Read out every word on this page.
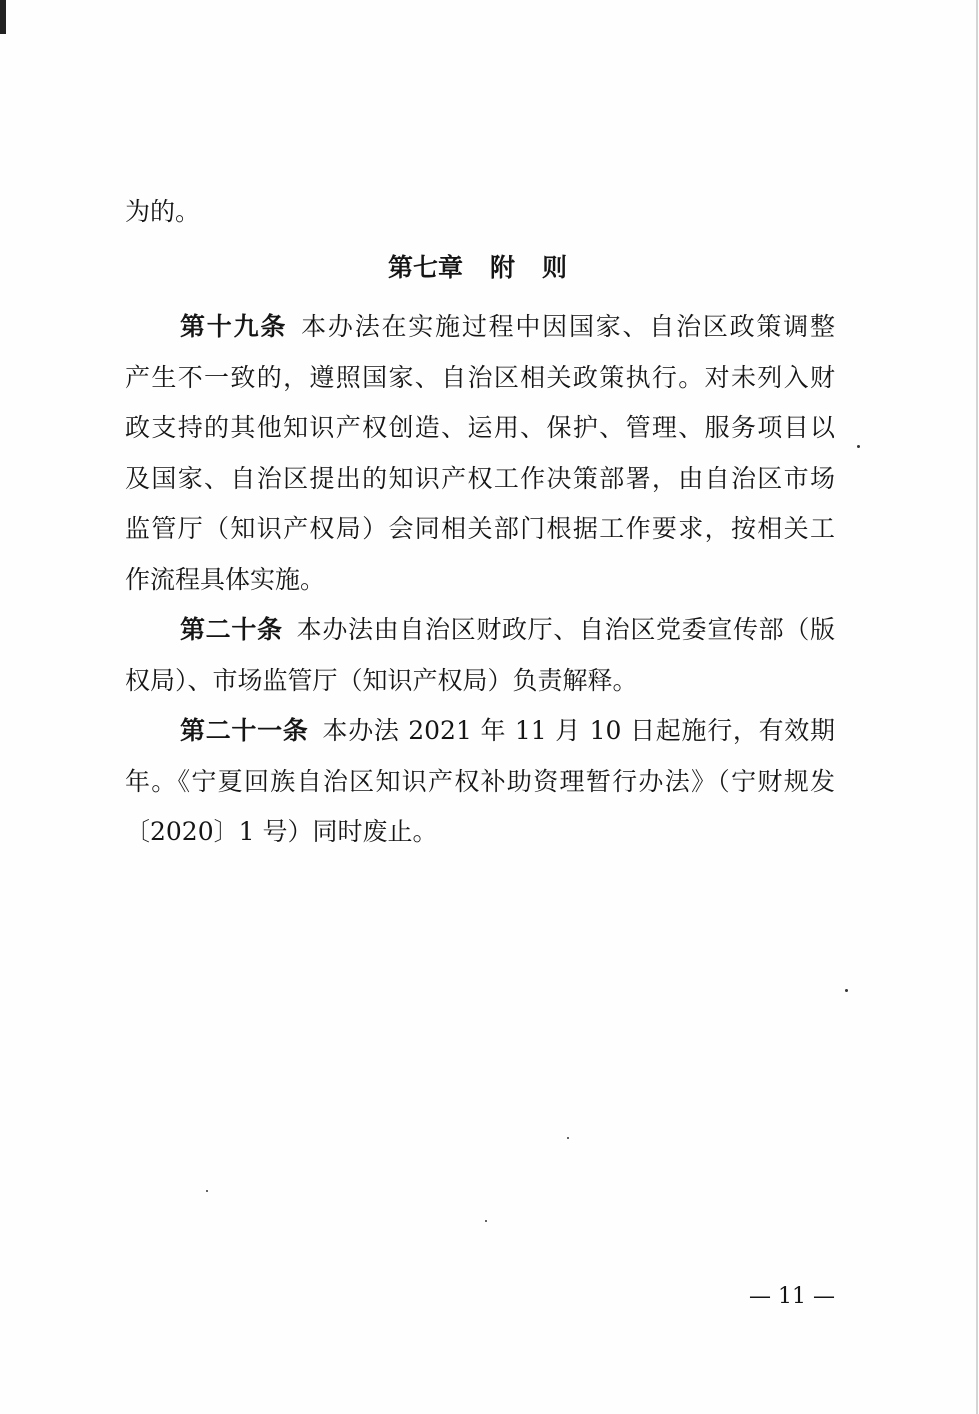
为的。
第七章 附 则
第十九条 本办法在实施过程中因国家、自治区政策调整
产生不一致的，遵照国家、自治区相关政策执行。对未列入财
政支持的其他知识产权创造、运用、保护、管理、服务项目以
及国家、自治区提出的知识产权工作决策部署，由自治区市场
监管厅（知识产权局）会同相关部门根据工作要求，按相关工
作流程具体实施。
第二十条 本办法由自治区财政厅、自治区党委宣传部（版
权局）、市场监管厅（知识产权局）负责解释。
第二十一条 本办法 2021 年 11 月 10 日起施行，有效期
年。《宁夏回族自治区知识产权补助资理暂行办法》（宁财规发
〔2020〕1 号）同时废止。
— 11 —
